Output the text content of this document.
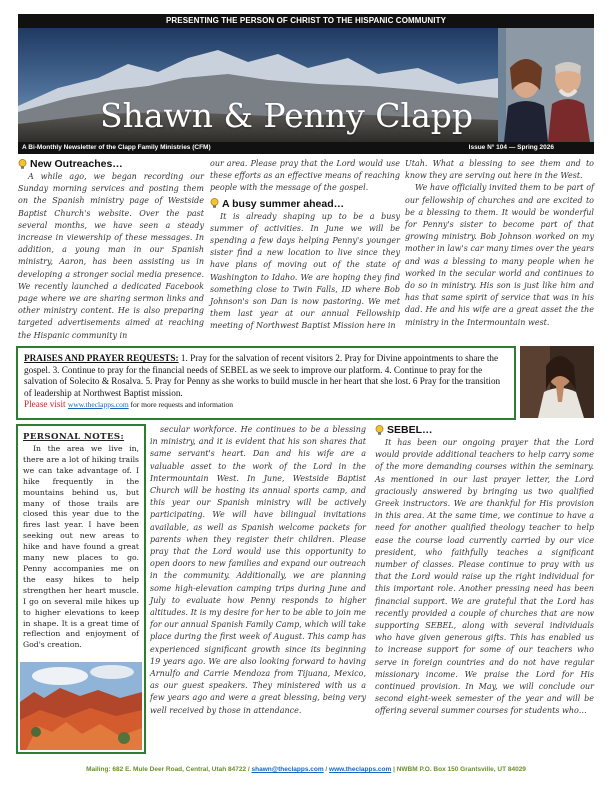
PRESENTING THE PERSON OF CHRIST TO THE HISPANIC COMMUNITY
Shawn & Penny Clapp
A Bi-Monthly Newsletter of the Clapp Family Ministries (CFM)	Issue N° 104 — Spring 2026
New Outreaches…

A while ago, we began recording our Sunday morning services and posting them on the Spanish ministry page of Westside Baptist Church's website. Over the past several months, we have seen a steady increase in viewership of these messages. In addition, a young man in our Spanish ministry, Aaron, has been assisting us in developing a stronger social media presence. We recently launched a dedicated Facebook page where we are sharing sermon links and other ministry content. He is also preparing targeted advertisements aimed at reaching the Hispanic community in

our area. Please pray that the Lord would use these efforts as an effective means of reaching people with the message of the gospel.

A busy summer ahead…

It is already shaping up to be a busy summer of activities. In June we will be spending a few days helping Penny's younger sister find a new location to live since they have plans of moving out of the state of Washington to Idaho. We are hoping they find something close to Twin Falls, ID where Bob Johnson's son Dan is now pastoring. We met them last year at our annual Fellowship meeting of Northwest Baptist Mission here in

Utah. What a blessing to see them and to know they are serving out here in the West.

We have officially invited them to be part of our fellowship of churches and are excited to be a blessing to them. It would be wonderful for Penny's sister to become part of that growing ministry. Bob Johnson worked on my mother in law's car many times over the years and was a blessing to many people when he worked in the secular world and continues to do so in ministry. His son is just like him and has that same spirit of service that was in his dad. He and his wife are a great asset the the ministry in the Intermountain west.

PRAISES AND PRAYER REQUESTS: 1. Pray for the salvation of recent visitors 2. Pray for Divine appointments to share the gospel. 3. Continue to pray for the financial needs of SEBEL as we seek to improve our platform. 4. Continue to pray for the salvation of Solecito & Rosalva. 5. Pray for Penny as she works to build muscle in her heart that she lost. 6 Pray for the transition of leadership at Northwest Baptist mission.
Please visit www.theclapps.com for more requests and information
PERSONAL NOTES:

In the area we live in, there are a lot of hiking trails we can take advantage of. I hike frequently in the mountains behind us, but many of those trails are closed this year due to the fires last year. I have been seeking out new areas to hike and have found a great many new places to go. Penny accompanies me on the easy hikes to help strengthen her heart muscle. I go on several mile hikes up to higher elevations to keep in shape. It is a great time of reflection and enjoyment of God's creation.

secular workforce. He continues to be a blessing in ministry, and it is evident that his son shares that same servant's heart. Dan and his wife are a valuable asset to the work of the Lord in the Intermountain West. In June, Westside Baptist Church will be hosting its annual sports camp, and this year our Spanish ministry will be actively participating. We will have bilingual invitations available, as well as Spanish welcome packets for parents when they register their children. Please pray that the Lord would use this opportunity to open doors to new families and expand our outreach in the community. Additionally, we are planning some high-elevation camping trips during June and July to evaluate how Penny responds to higher altitudes. It is my desire for her to be able to join me for our annual Spanish Family Camp, which will take place during the first week of August. This camp has experienced significant growth since its beginning 19 years ago. We are also looking forward to having Arnulfo and Carrie Mendoza from Tijuana, Mexico, as our guest speakers. They ministered with us a few years ago and were a great blessing, being very well received by those in attendance.

SEBEL…

It has been our ongoing prayer that the Lord would provide additional teachers to help carry some of the more demanding courses within the seminary. As mentioned in our last prayer letter, the Lord graciously answered by bringing us two qualified Greek instructors. We are thankful for His provision in this area. At the same time, we continue to have a need for another qualified theology teacher to help ease the course load currently carried by our vice president, who faithfully teaches a significant number of classes. Please continue to pray with us that the Lord would raise up the right individual for this important role. Another pressing need has been financial support. We are grateful that the Lord has recently provided a couple of churches that are now supporting SEBEL, along with several individuals who have given generous gifts. This has enabled us to increase support for some of our teachers who serve in foreign countries and do not have regular missionary income. We praise the Lord for His continued provision. In May, we will conclude our second eight-week semester of the year and will be offering several summer courses for students who…

Mailing: 682 E. Mule Deer Road, Central, Utah 84722 / shawn@theclapps.com / www.theclapps.com | NWBM P.O. Box 150 Grantsville, UT 84029
